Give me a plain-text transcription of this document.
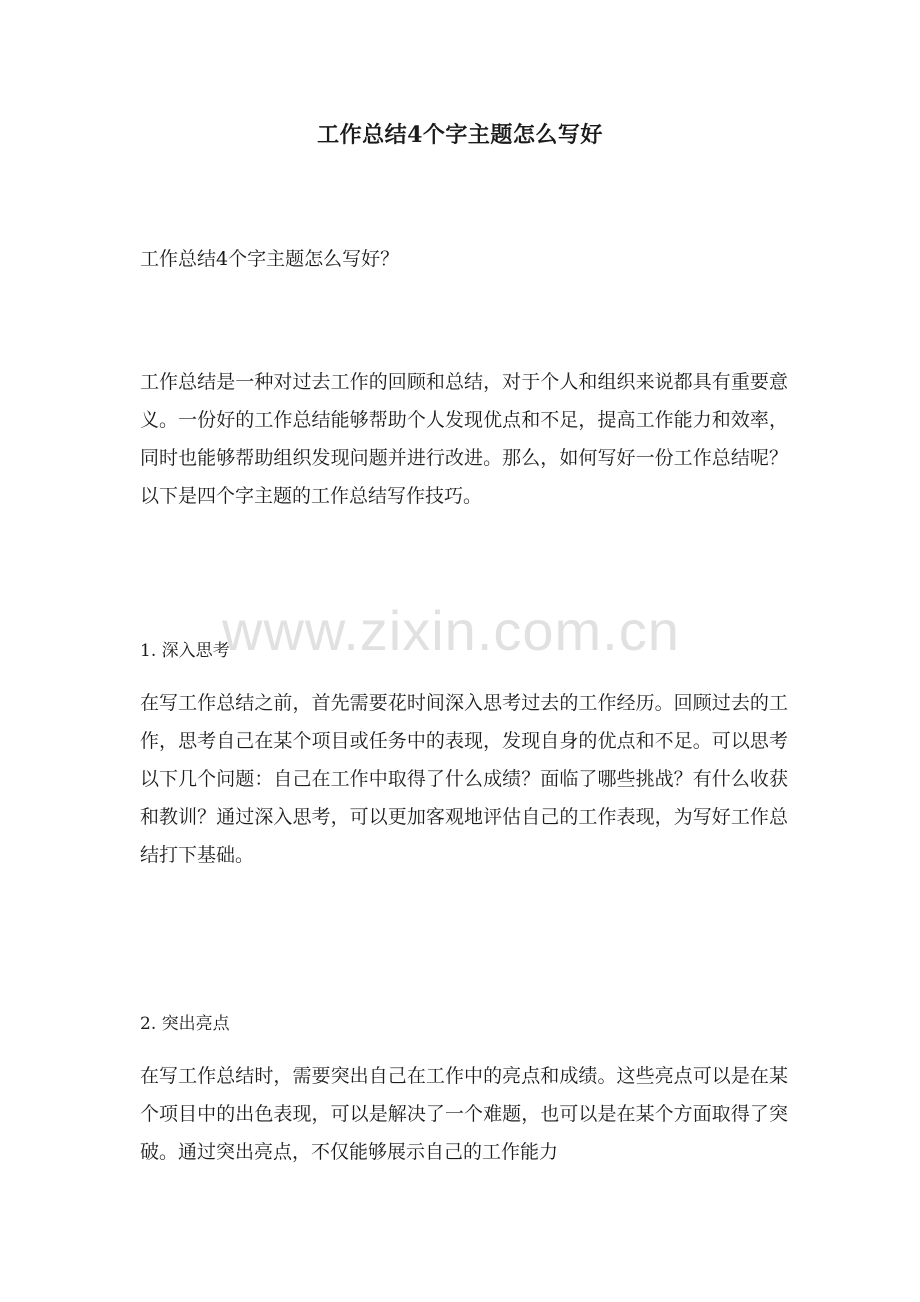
工作总结4个字主题怎么写好
工作总结4个字主题怎么写好？
工作总结是一种对过去工作的回顾和总结，对于个人和组织来说都具有重要意义。一份好的工作总结能够帮助个人发现优点和不足，提高工作能力和效率，同时也能够帮助组织发现问题并进行改进。那么，如何写好一份工作总结呢？以下是四个字主题的工作总结写作技巧。
1. 深入思考
在写工作总结之前，首先需要花时间深入思考过去的工作经历。回顾过去的工作，思考自己在某个项目或任务中的表现，发现自身的优点和不足。可以思考以下几个问题：自己在工作中取得了什么成绩？面临了哪些挑战？有什么收获和教训？通过深入思考，可以更加客观地评估自己的工作表现，为写好工作总结打下基础。
2. 突出亮点
在写工作总结时，需要突出自己在工作中的亮点和成绩。这些亮点可以是在某个项目中的出色表现，可以是解决了一个难题，也可以是在某个方面取得了突破。通过突出亮点，不仅能够展示自己的工作能力
www.zixin.com.cn
